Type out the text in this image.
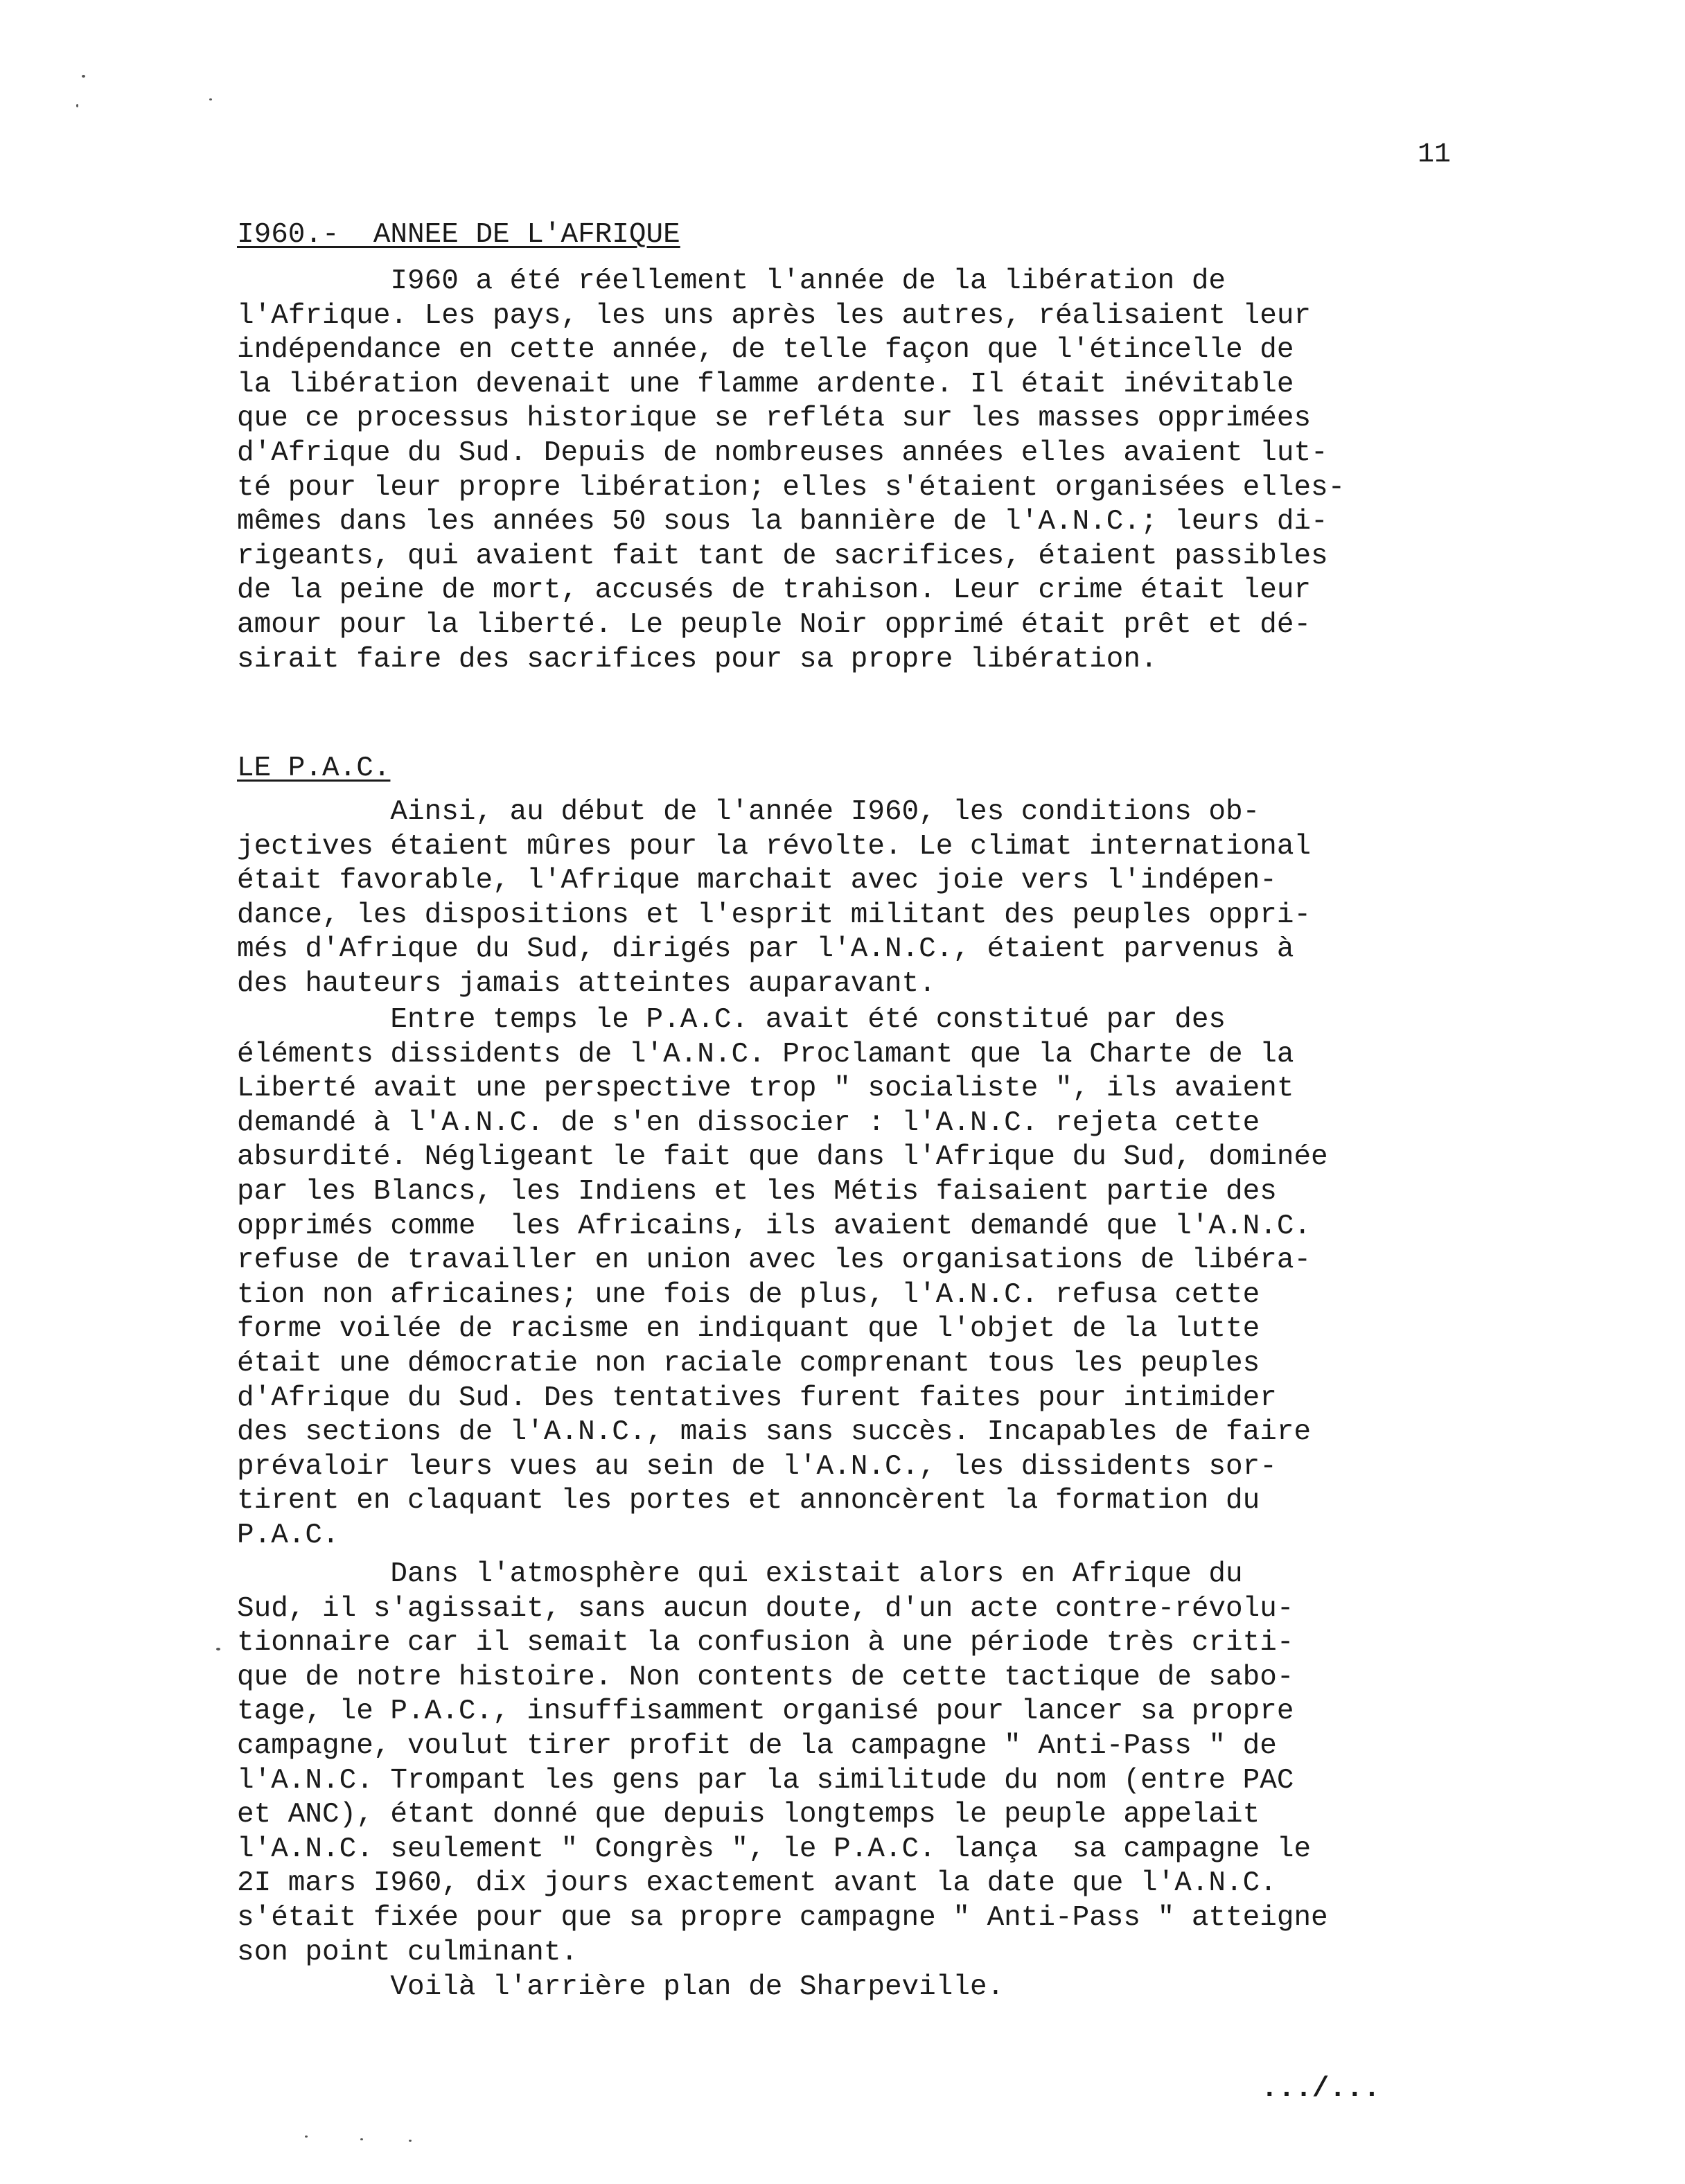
11
I960.-  ANNEE DE L'AFRIQUE

I960 a été réellement l'année de la libération de
l'Afrique. Les pays, les uns après les autres, réalisaient leur
indépendance en cette année, de telle façon que l'étincelle de
la libération devenait une flamme ardente. Il était inévitable
que ce processus historique se refléta sur les masses opprimées
d'Afrique du Sud. Depuis de nombreuses années elles avaient lut-
té pour leur propre libération; elles s'étaient organisées elles-
mêmes dans les années 50 sous la bannière de l'A.N.C.; leurs di-
rigeants, qui avaient fait tant de sacrifices, étaient passibles
de la peine de mort, accusés de trahison. Leur crime était leur
amour pour la liberté. Le peuple Noir opprimé était prêt et dé-
sirait faire des sacrifices pour sa propre libération.

LE P.A.C.

Ainsi, au début de l'année I960, les conditions ob-
jectives étaient mûres pour la révolte. Le climat international
était favorable, l'Afrique marchait avec joie vers l'indépen-
dance, les dispositions et l'esprit militant des peuples oppri-
més d'Afrique du Sud, dirigés par l'A.N.C., étaient parvenus à
des hauteurs jamais atteintes auparavant.

Entre temps le P.A.C. avait été constitué par des
éléments dissidents de l'A.N.C. Proclamant que la Charte de la
Liberté avait une perspective trop " socialiste ", ils avaient
demandé à l'A.N.C. de s'en dissocier : l'A.N.C. rejeta cette
absurdité. Négligeant le fait que dans l'Afrique du Sud, dominée
par les Blancs, les Indiens et les Métis faisaient partie des
opprimés comme  les Africains, ils avaient demandé que l'A.N.C.
refuse de travailler en union avec les organisations de libéra-
tion non africaines; une fois de plus, l'A.N.C. refusa cette
forme voilée de racisme en indiquant que l'objet de la lutte
était une démocratie non raciale comprenant tous les peuples
d'Afrique du Sud. Des tentatives furent faites pour intimider
des sections de l'A.N.C., mais sans succès. Incapables de faire
prévaloir leurs vues au sein de l'A.N.C., les dissidents sor-
tirent en claquant les portes et annoncèrent la formation du
P.A.C.

Dans l'atmosphère qui existait alors en Afrique du
Sud, il s'agissait, sans aucun doute, d'un acte contre-révolu-
tionnaire car il semait la confusion à une période très criti-
que de notre histoire. Non contents de cette tactique de sabo-
tage, le P.A.C., insuffisamment organisé pour lancer sa propre
campagne, voulut tirer profit de la campagne " Anti-Pass " de
l'A.N.C. Trompant les gens par la similitude du nom (entre PAC
et ANC), étant donné que depuis longtemps le peuple appelait
l'A.N.C. seulement " Congrès ", le P.A.C. lança  sa campagne le
2I mars I960, dix jours exactement avant la date que l'A.N.C.
s'était fixée pour que sa propre campagne " Anti-Pass " atteigne
son point culminant.

Voilà l'arrière plan de Sharpeville.

.../...
